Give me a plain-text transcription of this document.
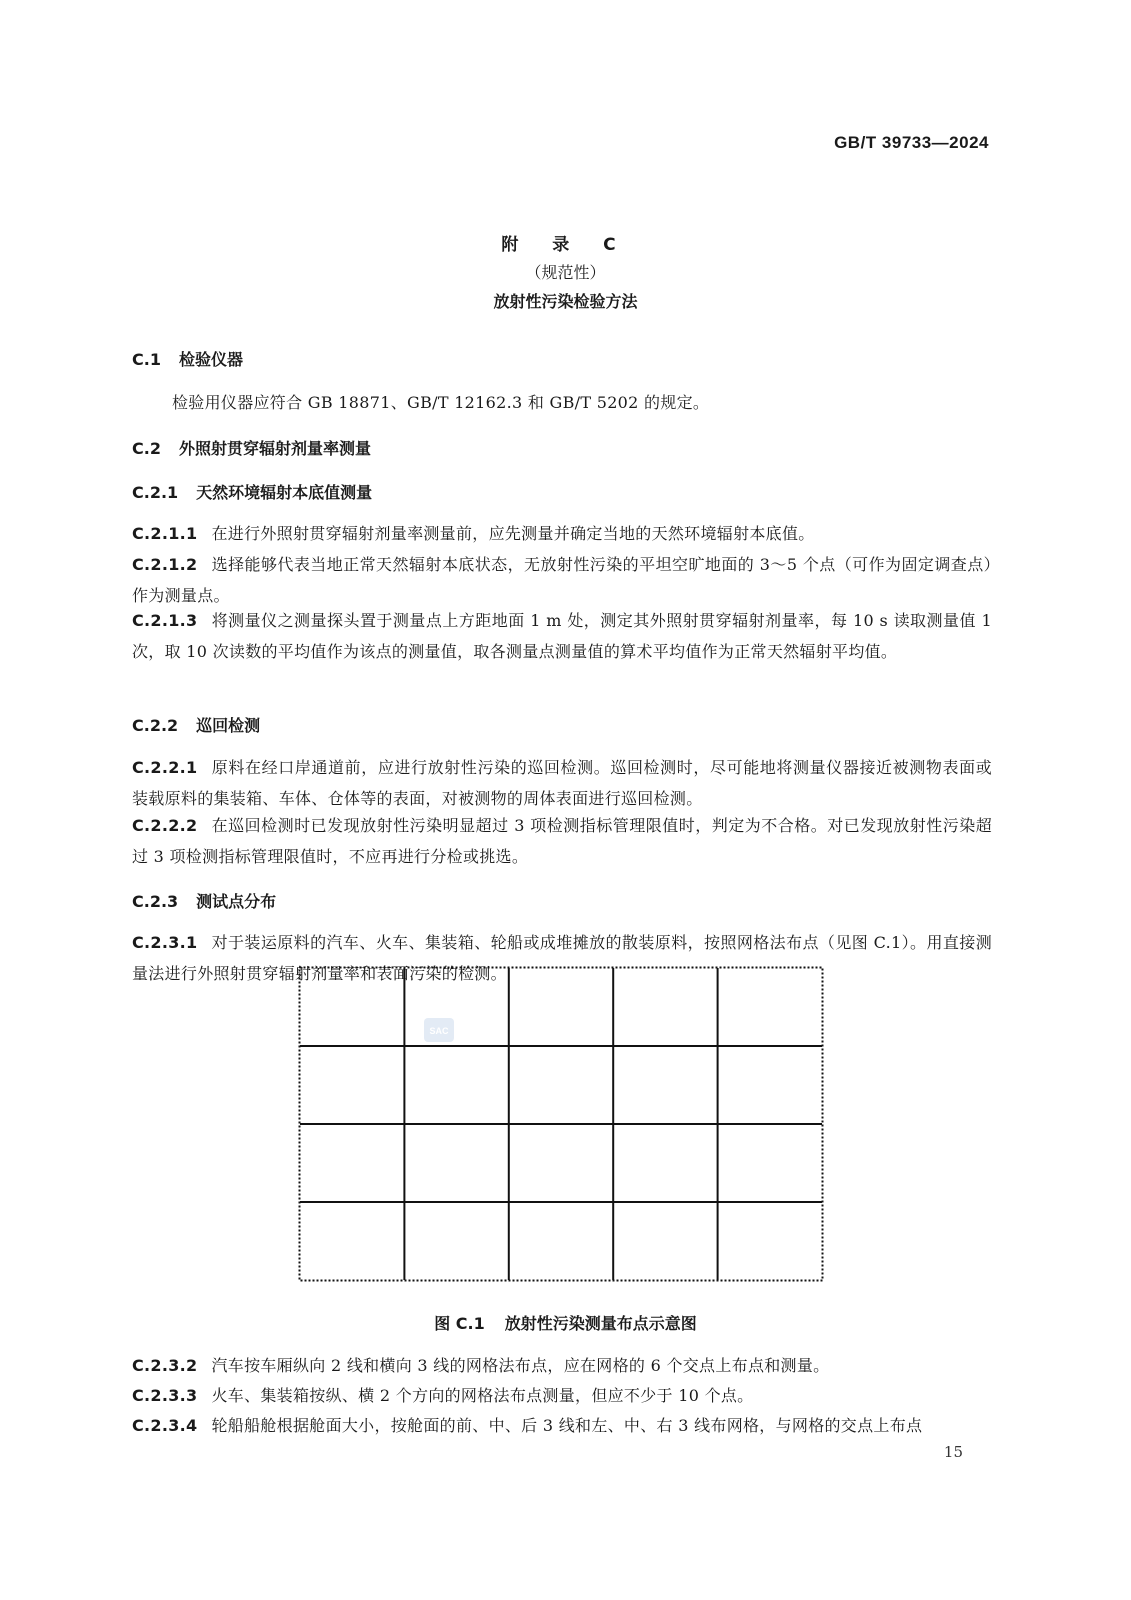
GB/T 39733—2024
附 录 C
（规范性）
放射性污染检验方法
C.1 检验仪器
检验用仪器应符合 GB 18871、GB/T 12162.3 和 GB/T 5202 的规定。
C.2 外照射贯穿辐射剂量率测量
C.2.1 天然环境辐射本底值测量
C.2.1.1 在进行外照射贯穿辐射剂量率测量前，应先测量并确定当地的天然环境辐射本底值。
C.2.1.2 选择能够代表当地正常天然辐射本底状态，无放射性污染的平坦空旷地面的 3～5 个点（可作为固定调查点）作为测量点。
C.2.1.3 将测量仪之测量探头置于测量点上方距地面 1 m 处，测定其外照射贯穿辐射剂量率，每 10 s 读取测量值 1 次，取 10 次读数的平均值作为该点的测量值，取各测量点测量值的算术平均值作为正常天然辐射平均值。
C.2.2 巡回检测
C.2.2.1 原料在经口岸通道前，应进行放射性污染的巡回检测。巡回检测时，尽可能地将测量仪器接近被测物表面或装载原料的集装箱、车体、仓体等的表面，对被测物的周体表面进行巡回检测。
C.2.2.2 在巡回检测时已发现放射性污染明显超过 3 项检测指标管理限值时，判定为不合格。对已发现放射性污染超过 3 项检测指标管理限值时，不应再进行分检或挑选。
C.2.3 测试点分布
C.2.3.1 对于装运原料的汽车、火车、集装箱、轮船或成堆摊放的散装原料，按照网格法布点（见图 C.1）。用直接测量法进行外照射贯穿辐射剂量率和表面污染的检测。
SAC
图 C.1 放射性污染测量布点示意图
C.2.3.2 汽车按车厢纵向 2 线和横向 3 线的网格法布点，应在网格的 6 个交点上布点和测量。
C.2.3.3 火车、集装箱按纵、横 2 个方向的网格法布点测量，但应不少于 10 个点。
C.2.3.4 轮船船舱根据舱面大小，按舱面的前、中、后 3 线和左、中、右 3 线布网格，与网格的交点上布点
15
